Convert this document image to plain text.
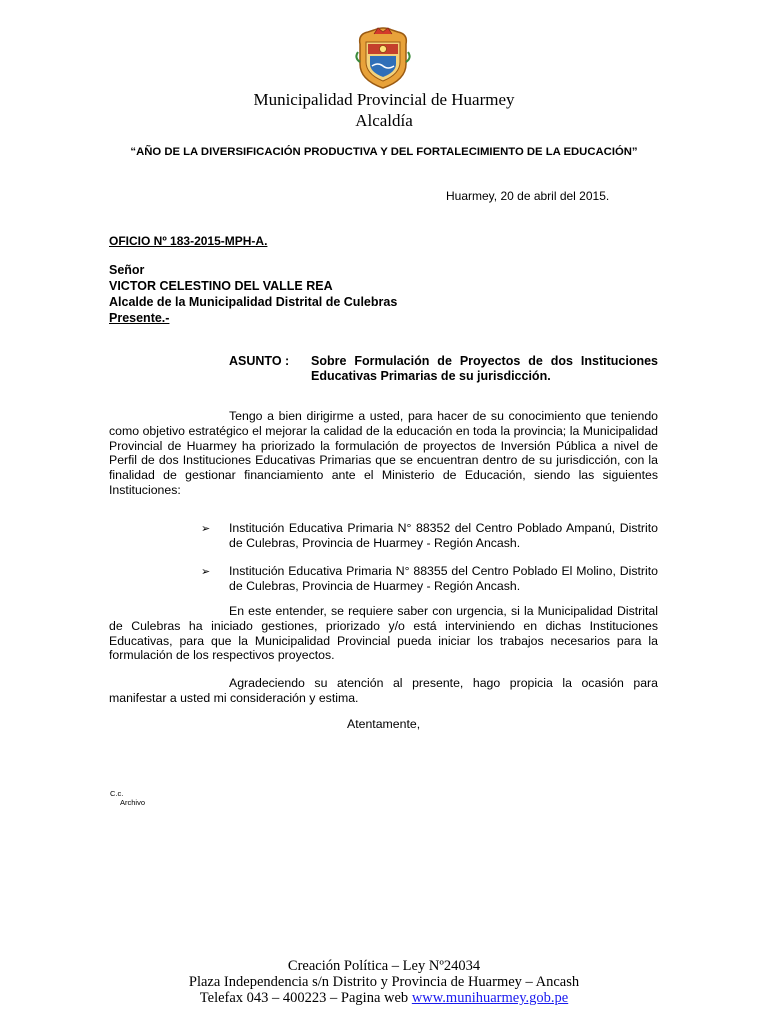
Municipalidad Provincial de Huarmey
Alcaldía
“AÑO DE LA DIVERSIFICACIÓN PRODUCTIVA Y DEL FORTALECIMIENTO DE LA EDUCACIÓN”
Huarmey, 20 de abril del 2015.
OFICIO Nº 183-2015-MPH-A.
Señor
VICTOR CELESTINO DEL VALLE REA
Alcalde de la Municipalidad Distrital de Culebras
Presente.-
ASUNTO : Sobre Formulación de Proyectos de dos Instituciones Educativas Primarias de su jurisdicción.
Tengo a bien dirigirme a usted, para hacer de su conocimiento que teniendo como objetivo estratégico el mejorar la calidad de la educación en toda la provincia; la Municipalidad Provincial de Huarmey ha priorizado la formulación de proyectos de Inversión Pública a nivel de Perfil de dos Instituciones Educativas Primarias que se encuentran dentro de su jurisdicción, con la finalidad de gestionar financiamiento ante el Ministerio de Educación, siendo las siguientes Instituciones:
➢ Institución Educativa Primaria N° 88352 del Centro Poblado Ampanú, Distrito de Culebras, Provincia de Huarmey - Región Ancash.
➢ Institución Educativa Primaria N° 88355 del Centro Poblado El Molino, Distrito de Culebras, Provincia de Huarmey - Región Ancash.
En este entender, se requiere saber con urgencia, si la Municipalidad Distrital de Culebras ha iniciado gestiones, priorizado y/o está interviniendo en dichas Instituciones Educativas, para que la Municipalidad Provincial pueda iniciar los trabajos necesarios para la formulación de los respectivos proyectos.
Agradeciendo su atención al presente, hago propicia la ocasión para manifestar a usted mi consideración y estima.
Atentamente,
C.c.
Archivo
Creación Política – Ley Nº24034
Plaza Independencia s/n Distrito y Provincia de Huarmey – Ancash
Telefax 043 – 400223 – Pagina web www.munihuarmey.gob.pe
